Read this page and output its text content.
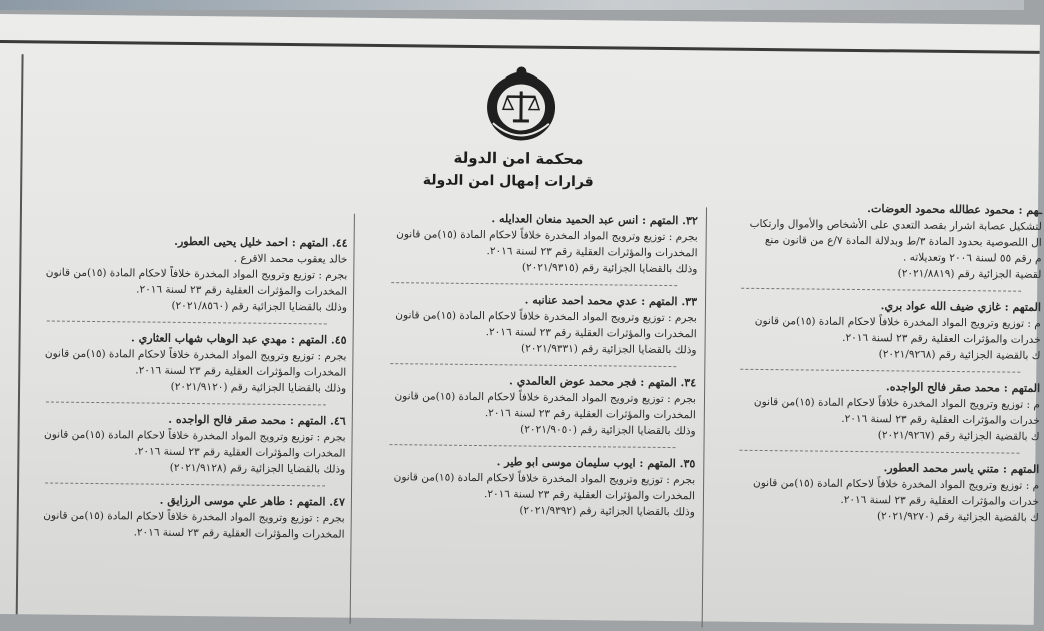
محكمة امن الدولة
قرارات إمهال امن الدولة
ـهم : محمود عطالله محمود العوضات.
لتشكيل عصابة اشرار بقصد التعدي على الأشخاص والأموال وارتكاب
ال اللصوصية بحدود المادة ٣/ط وبدلالة المادة ٧/ع من قانون منع
م رقم ٥٥ لسنة ٢٠٠٦ وتعديلاته .
لقضية الجزائية رقم (٢٠٢١/٨٨١٩)
المتهم : غازي ضيف الله عواد بري.
م : توزيع وترويج المواد المخدرة خلافاً لاحكام المادة (١٥)من قانون
خدرات والمؤثرات العقلية رقم ٢٣ لسنة ٢٠١٦.
ك بالقضية الجزائية رقم (٢٠٢١/٩٢٦٨)
المتهم : محمد صقر فالح الواجده.
م : توزيع وترويج المواد المخدرة خلافاً لاحكام المادة (١٥)من قانون
خدرات والمؤثرات العقلية رقم ٢٣ لسنة ٢٠١٦.
ك بالقضية الجزائية رقم (٢٠٢١/٩٢٦٧)
المتهم : متني ياسر محمد العطور.
م : توزيع وترويج المواد المخدرة خلافاً لاحكام المادة (١٥)من قانون
خدرات والمؤثرات العقلية رقم ٢٣ لسنة ٢٠١٦.
ك بالقضية الجزائية رقم (٢٠٢١/٩٢٧٠)
٣٢. المتهم : انس عبد الحميد منعان العدايله .
بجرم : توزيع وترويج المواد المخدرة خلافاً لاحكام المادة (١٥)من قانون
المخدرات والمؤثرات العقلية رقم ٢٣ لسنة ٢٠١٦.
وذلك بالقضايا الجزائية رقم (٢٠٢١/٩٣١٥)
٣٣. المتهم : عدي محمد احمد عنانبه .
بجرم : توزيع وترويج المواد المخدرة خلافاً لاحكام المادة (١٥)من قانون
المخدرات والمؤثرات العقلية رقم ٢٣ لسنة ٢٠١٦.
وذلك بالقضايا الجزائية رقم (٢٠٢١/٩٣٣١)
٣٤. المتهم : فجر محمد عوض العالمدي .
بجرم : توزيع وترويج المواد المخدرة خلافاً لاحكام المادة (١٥)من قانون
المخدرات والمؤثرات العقلية رقم ٢٣ لسنة ٢٠١٦.
وذلك بالقضايا الجزائية رقم (٢٠٢١/٩٠٥٠)
٣٥. المتهم : ايوب سليمان موسى ابو طير .
بجرم : توزيع وترويج المواد المخدرة خلافاً لاحكام المادة (١٥)من قانون
المخدرات والمؤثرات العقلية رقم ٢٣ لسنة ٢٠١٦.
وذلك بالقضايا الجزائية رقم (٢٠٢١/٩٣٩٢)
٤٤. المتهم : احمد خليل يحيى العطور.
خالد يعقوب محمد الاقرع .
بجرم : توزيع وترويج المواد المخدرة خلافاً لاحكام المادة (١٥)من قانون
المخدرات والمؤثرات العقلية رقم ٢٣ لسنة ٢٠١٦.
وذلك بالقضايا الجزائية رقم (٢٠٢١/٨٥٦٠)
٤٥. المتهم : مهدي عبد الوهاب شهاب العثاري .
بجرم : توزيع وترويج المواد المخدرة خلافاً لاحكام المادة (١٥)من قانون
المخدرات والمؤثرات العقلية رقم ٢٣ لسنة ٢٠١٦.
وذلك بالقضايا الجزائية رقم (٢٠٢١/٩١٢٠)
٤٦. المتهم : محمد صقر فالح الواجده .
بجرم : توزيع وترويج المواد المخدرة خلافاً لاحكام المادة (١٥)من قانون
المخدرات والمؤثرات العقلية رقم ٢٣ لسنة ٢٠١٦.
وذلك بالقضايا الجزائية رقم (٢٠٢١/٩١٢٨)
٤٧. المتهم : طاهر علي موسى الرزايق .
بجرم : توزيع وترويج المواد المخدرة خلافاً لاحكام المادة (١٥)من قانون
المخدرات والمؤثرات العقلية رقم ٢٣ لسنة ٢٠١٦.
